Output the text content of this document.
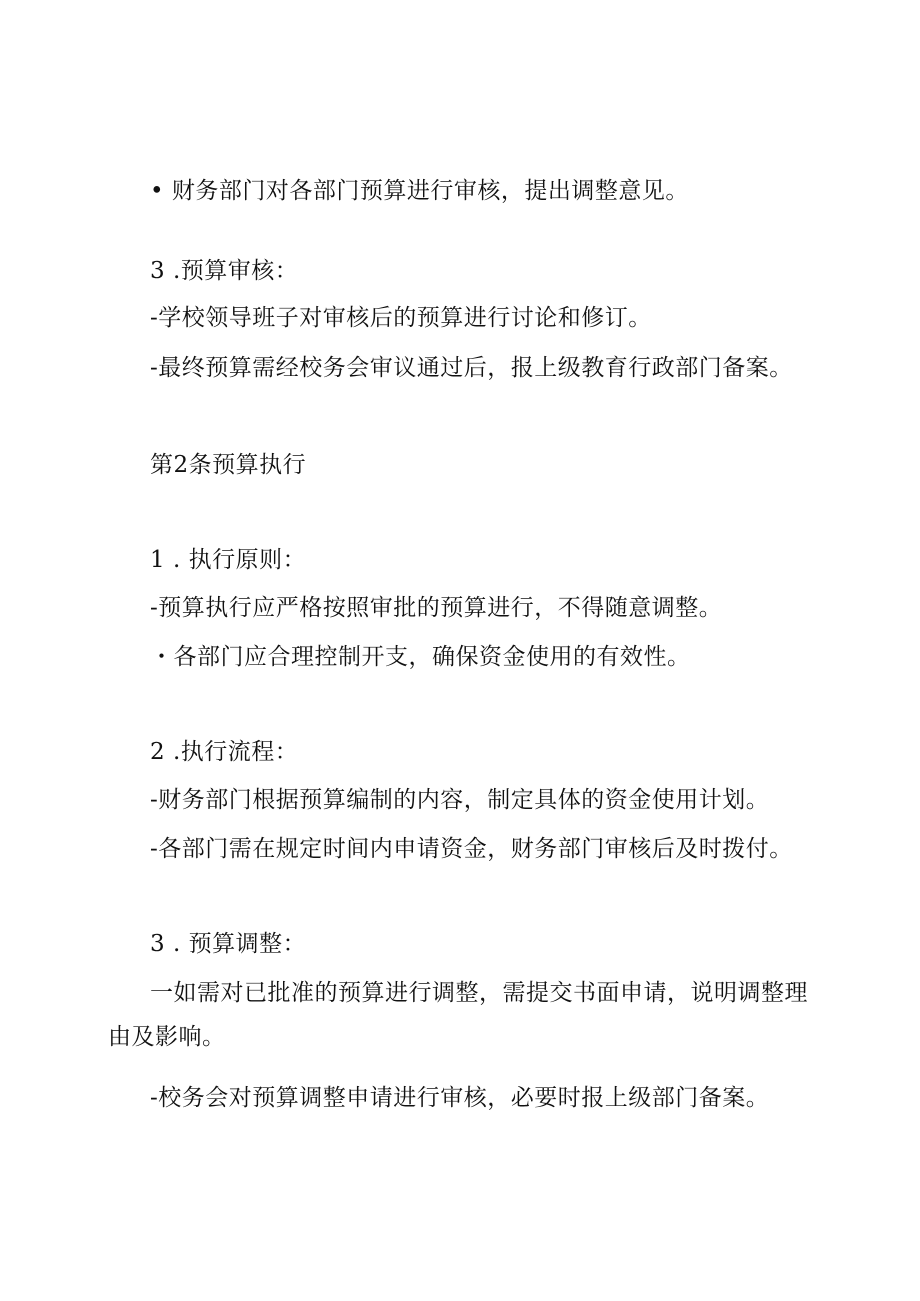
• 财务部门对各部门预算进行审核，提出调整意见。
3 .预算审核：
-学校领导班子对审核后的预算进行讨论和修订。
-最终预算需经校务会审议通过后，报上级教育行政部门备案。
第2条预算执行
1 . 执行原则：
-预算执行应严格按照审批的预算进行，不得随意调整。
・各部门应合理控制开支，确保资金使用的有效性。
2 .执行流程：
-财务部门根据预算编制的内容，制定具体的资金使用计划。
-各部门需在规定时间内申请资金，财务部门审核后及时拨付。
3 . 预算调整：
一如需对已批准的预算进行调整，需提交书面申请，说明调整理由及影响。
-校务会对预算调整申请进行审核，必要时报上级部门备案。
